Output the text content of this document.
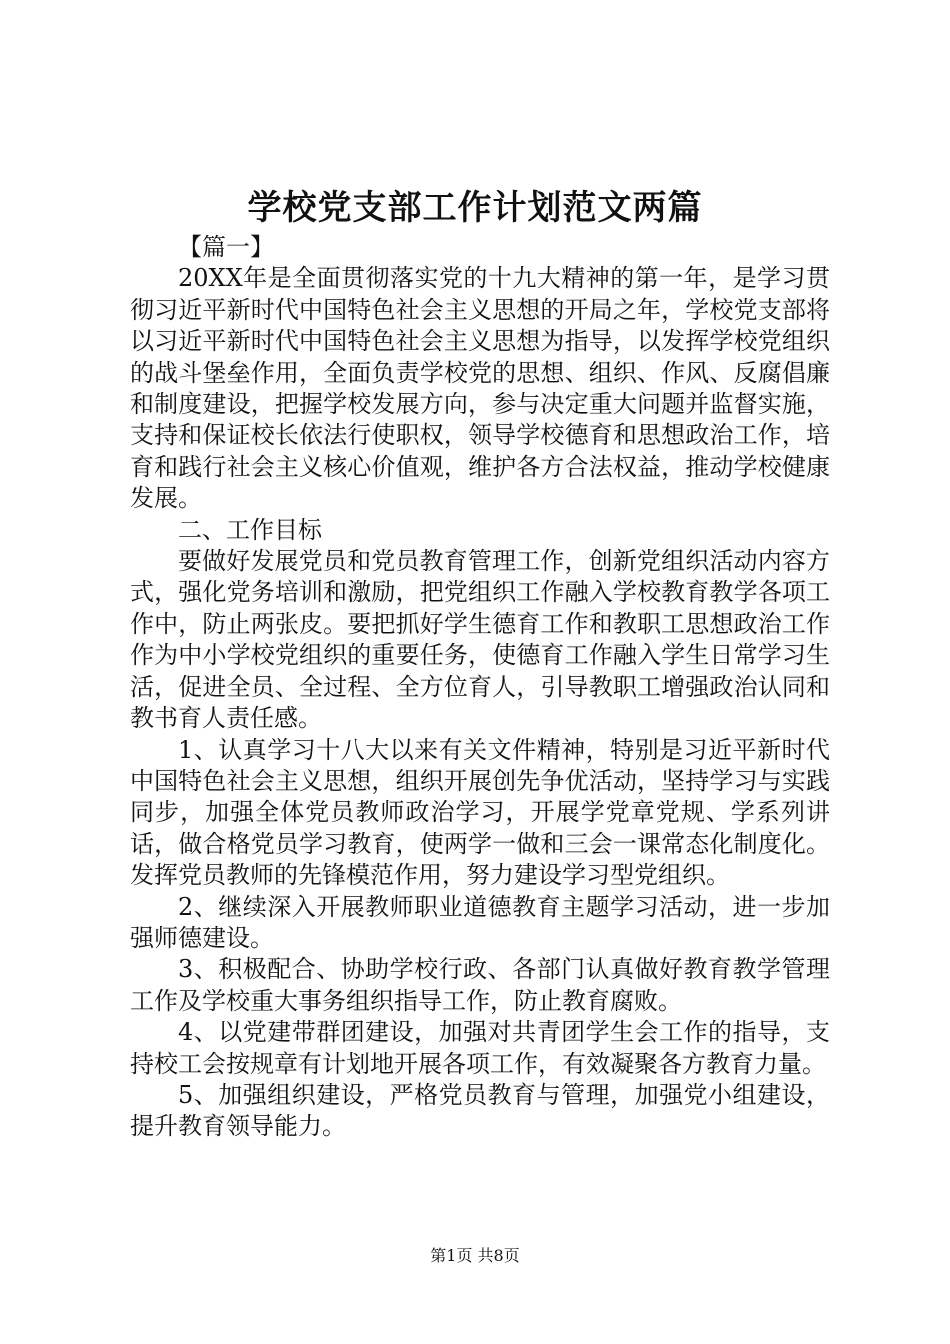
学校党支部工作计划范文两篇

【篇一】

20XX年是全面贯彻落实党的十九大精神的第一年，是学习贯彻习近平新时代中国特色社会主义思想的开局之年，学校党支部将以习近平新时代中国特色社会主义思想为指导，以发挥学校党组织的战斗堡垒作用，全面负责学校党的思想、组织、作风、反腐倡廉和制度建设，把握学校发展方向，参与决定重大问题并监督实施，支持和保证校长依法行使职权，领导学校德育和思想政治工作，培育和践行社会主义核心价值观，维护各方合法权益，推动学校健康发展。

二、工作目标

要做好发展党员和党员教育管理工作，创新党组织活动内容方式，强化党务培训和激励，把党组织工作融入学校教育教学各项工作中，防止两张皮。要把抓好学生德育工作和教职工思想政治工作作为中小学校党组织的重要任务，使德育工作融入学生日常学习生活，促进全员、全过程、全方位育人，引导教职工增强政治认同和教书育人责任感。

1、认真学习十八大以来有关文件精神，特别是习近平新时代中国特色社会主义思想，组织开展创先争优活动，坚持学习与实践同步，加强全体党员教师政治学习，开展学党章党规、学系列讲话，做合格党员学习教育，使两学一做和三会一课常态化制度化。发挥党员教师的先锋模范作用，努力建设学习型党组织。

2、继续深入开展教师职业道德教育主题学习活动，进一步加强师德建设。

3、积极配合、协助学校行政、各部门认真做好教育教学管理工作及学校重大事务组织指导工作，防止教育腐败。

4、以党建带群团建设，加强对共青团学生会工作的指导，支持校工会按规章有计划地开展各项工作，有效凝聚各方教育力量。

5、加强组织建设，严格党员教育与管理，加强党小组建设，提升教育领导能力。

第1页 共8页
